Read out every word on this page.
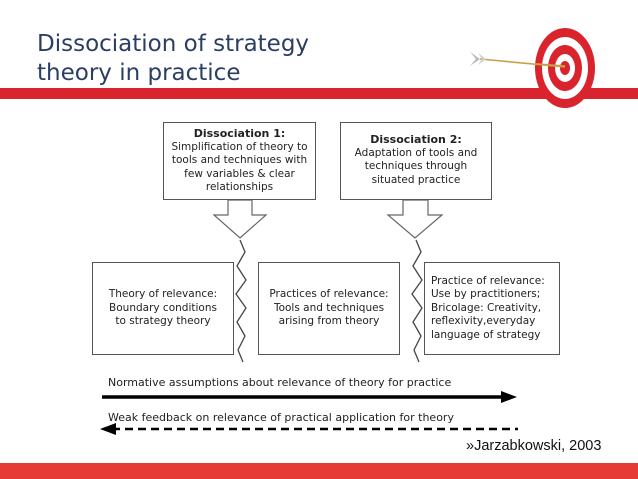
Dissociation of strategy
theory in practice
Dissociation 1:
Simplification of theory to
tools and techniques with
few variables & clear
relationships
Dissociation 2:
Adaptation of tools and
techniques through
situated practice
Theory of relevance:
Boundary conditions
to strategy theory
Practices of relevance:
Tools and techniques
arising from theory
Practice of relevance:
Use by practitioners;
Bricolage: Creativity,
reflexivity,everyday
language of strategy
Normative assumptions about relevance of theory for practice
Weak feedback on relevance of practical application for theory
»Jarzabkowski, 2003
